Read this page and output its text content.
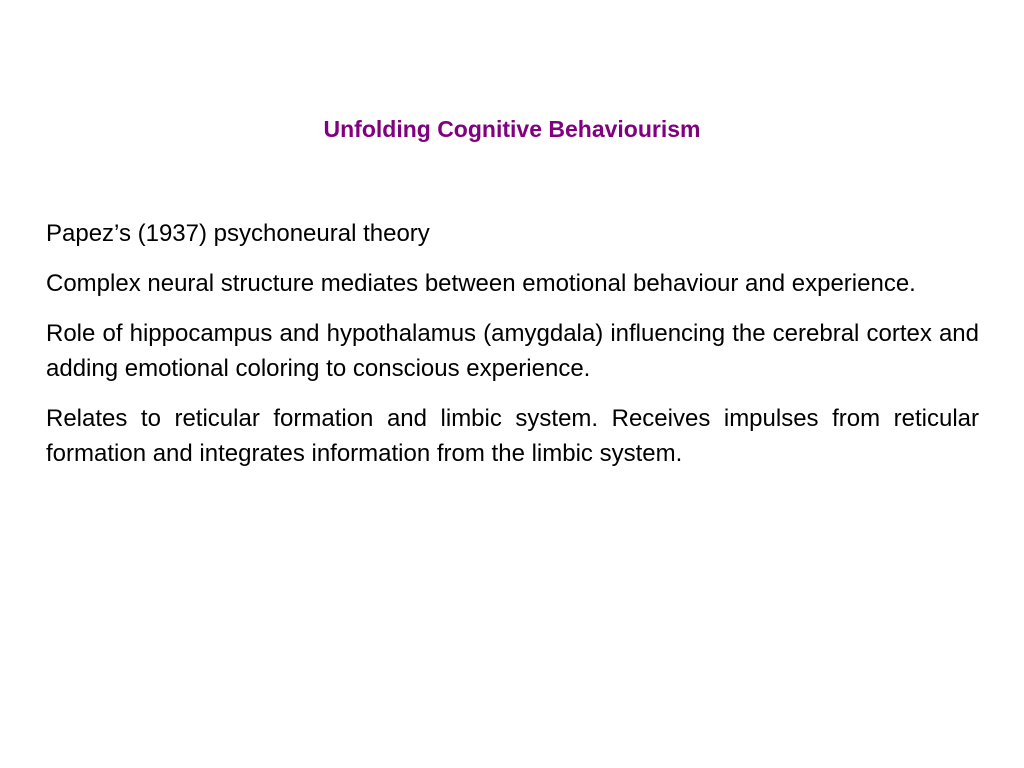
Unfolding Cognitive Behaviourism

Papez’s (1937) psychoneural theory

Complex neural structure mediates between emotional behaviour and experience.

Role of hippocampus and hypothalamus (amygdala) influencing the cerebral cortex and adding emotional coloring to conscious experience.

Relates to reticular formation and limbic system. Receives impulses from reticular formation and integrates information from the limbic system.
